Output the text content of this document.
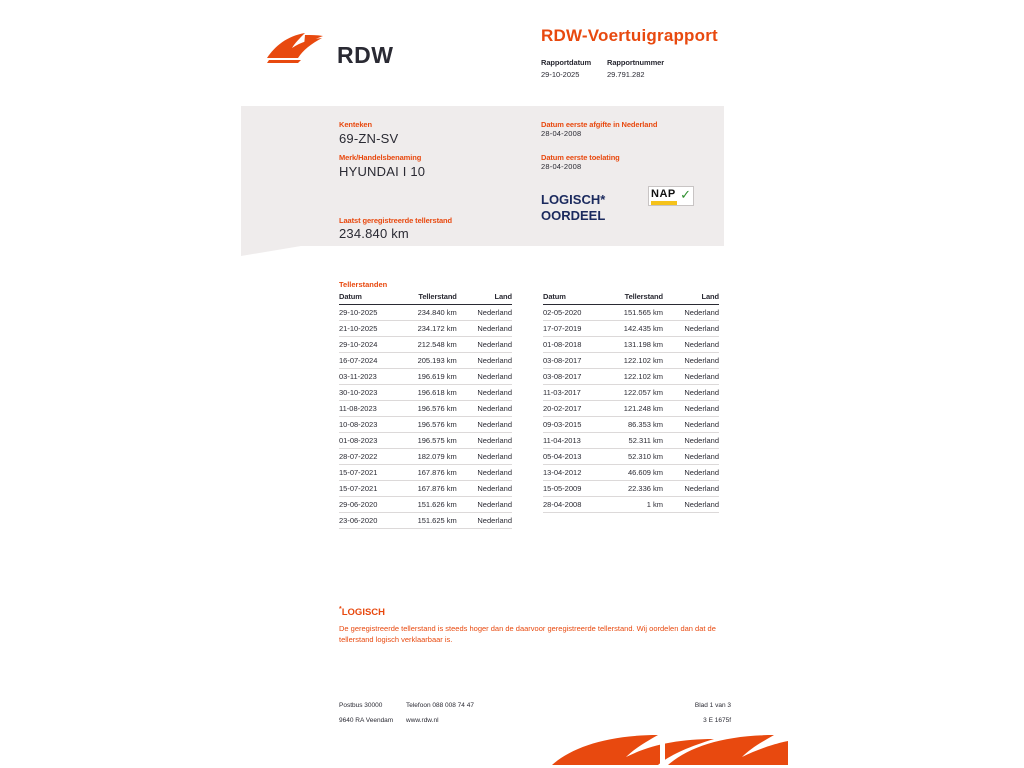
RDW
RDW-Voertuigrapport
Rapportdatum
29-10-2025
Rapportnummer
29.791.282
Kenteken
69-ZN-SV
Merk/Handelsbenaming
HYUNDAI I 10
Laatst geregistreerde tellerstand
234.840 km
Datum eerste afgifte in Nederland
28-04-2008
Datum eerste toelating
28-04-2008
LOGISCH*
OORDEEL
NAP ✓
Tellerstanden
Datum	Tellerstand	Land
29-10-2025	234.840 km	Nederland
21-10-2025	234.172 km	Nederland
29-10-2024	212.548 km	Nederland
16-07-2024	205.193 km	Nederland
03-11-2023	196.619 km	Nederland
30-10-2023	196.618 km	Nederland
11-08-2023	196.576 km	Nederland
10-08-2023	196.576 km	Nederland
01-08-2023	196.575 km	Nederland
28-07-2022	182.079 km	Nederland
15-07-2021	167.876 km	Nederland
15-07-2021	167.876 km	Nederland
29-06-2020	151.626 km	Nederland
23-06-2020	151.625 km	Nederland
Datum	Tellerstand	Land
02-05-2020	151.565 km	Nederland
17-07-2019	142.435 km	Nederland
01-08-2018	131.198 km	Nederland
03-08-2017	122.102 km	Nederland
03-08-2017	122.102 km	Nederland
11-03-2017	122.057 km	Nederland
20-02-2017	121.248 km	Nederland
09-03-2015	86.353 km	Nederland
11-04-2013	52.311 km	Nederland
05-04-2013	52.310 km	Nederland
13-04-2012	46.609 km	Nederland
15-05-2009	22.336 km	Nederland
28-04-2008	1 km	Nederland
*LOGISCH
De geregistreerde tellerstand is steeds hoger dan de daarvoor geregistreerde tellerstand. Wij oordelen dan dat de tellerstand logisch verklaarbaar is.
Postbus 30000	Telefoon 088 008 74 47	Blad 1 van 3
9640 RA Veendam www.rdw.nl	3 E 1675f
